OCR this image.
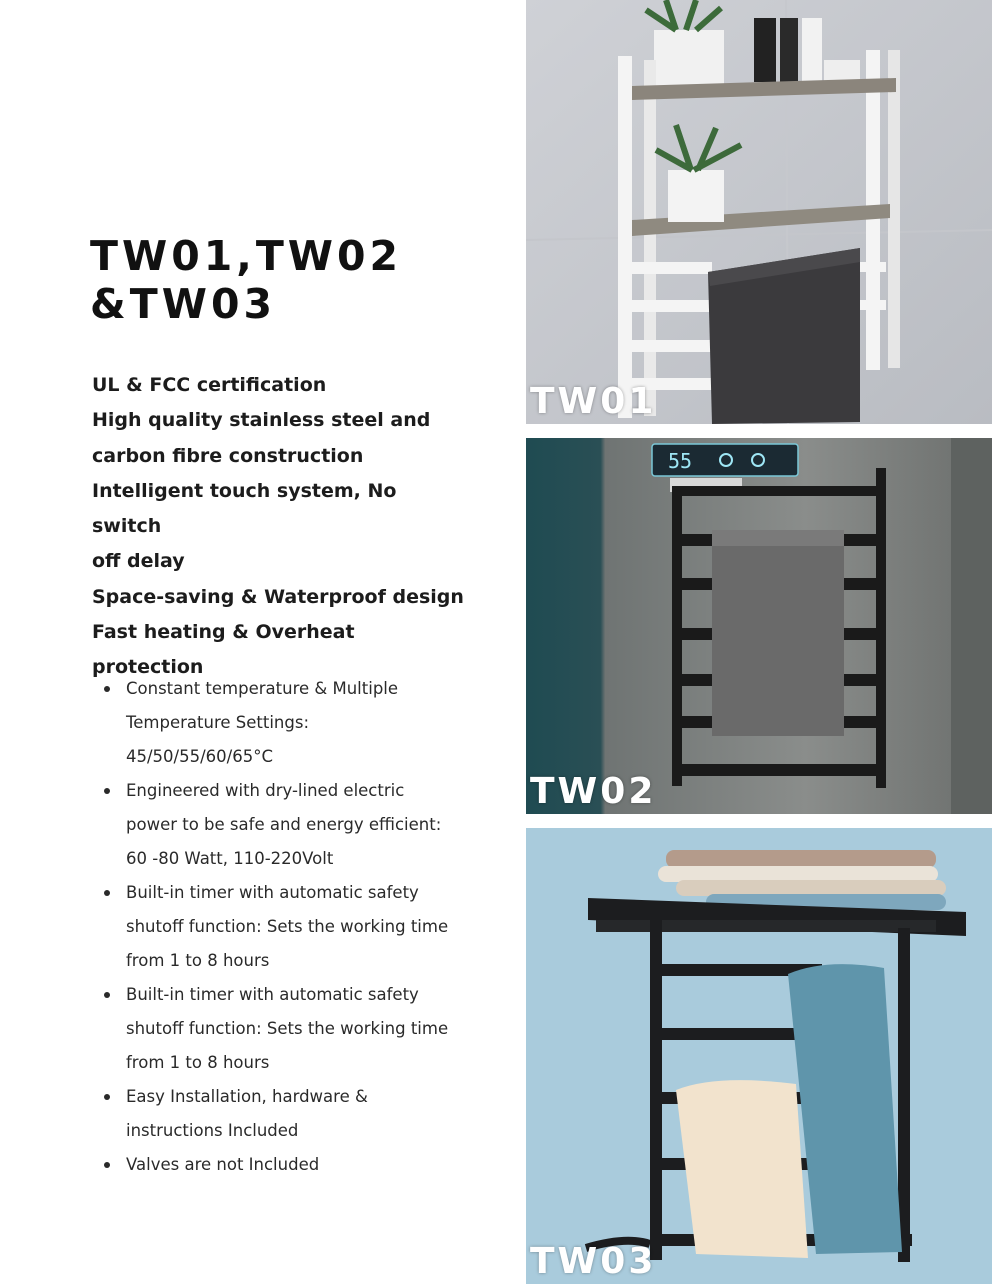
TW01,TW02
&TW03
UL & FCC certification
High quality stainless steel and
carbon fibre construction
Intelligent touch system, No switch
off delay
Space-saving & Waterproof design
Fast heating & Overheat protection
Constant temperature & Multiple
Temperature Settings:
45/50/55/60/65°C
Engineered with dry-lined electric
power to be safe and energy efficient:
60 -80 Watt, 110-220Volt
Built-in timer with automatic safety
shutoff function: Sets the working time
from 1 to 8 hours
Built-in timer with automatic safety
shutoff function: Sets the working time
from 1 to 8 hours
Easy Installation, hardware &
instructions Included
Valves are not Included
TW01
55
TW02
TW03
